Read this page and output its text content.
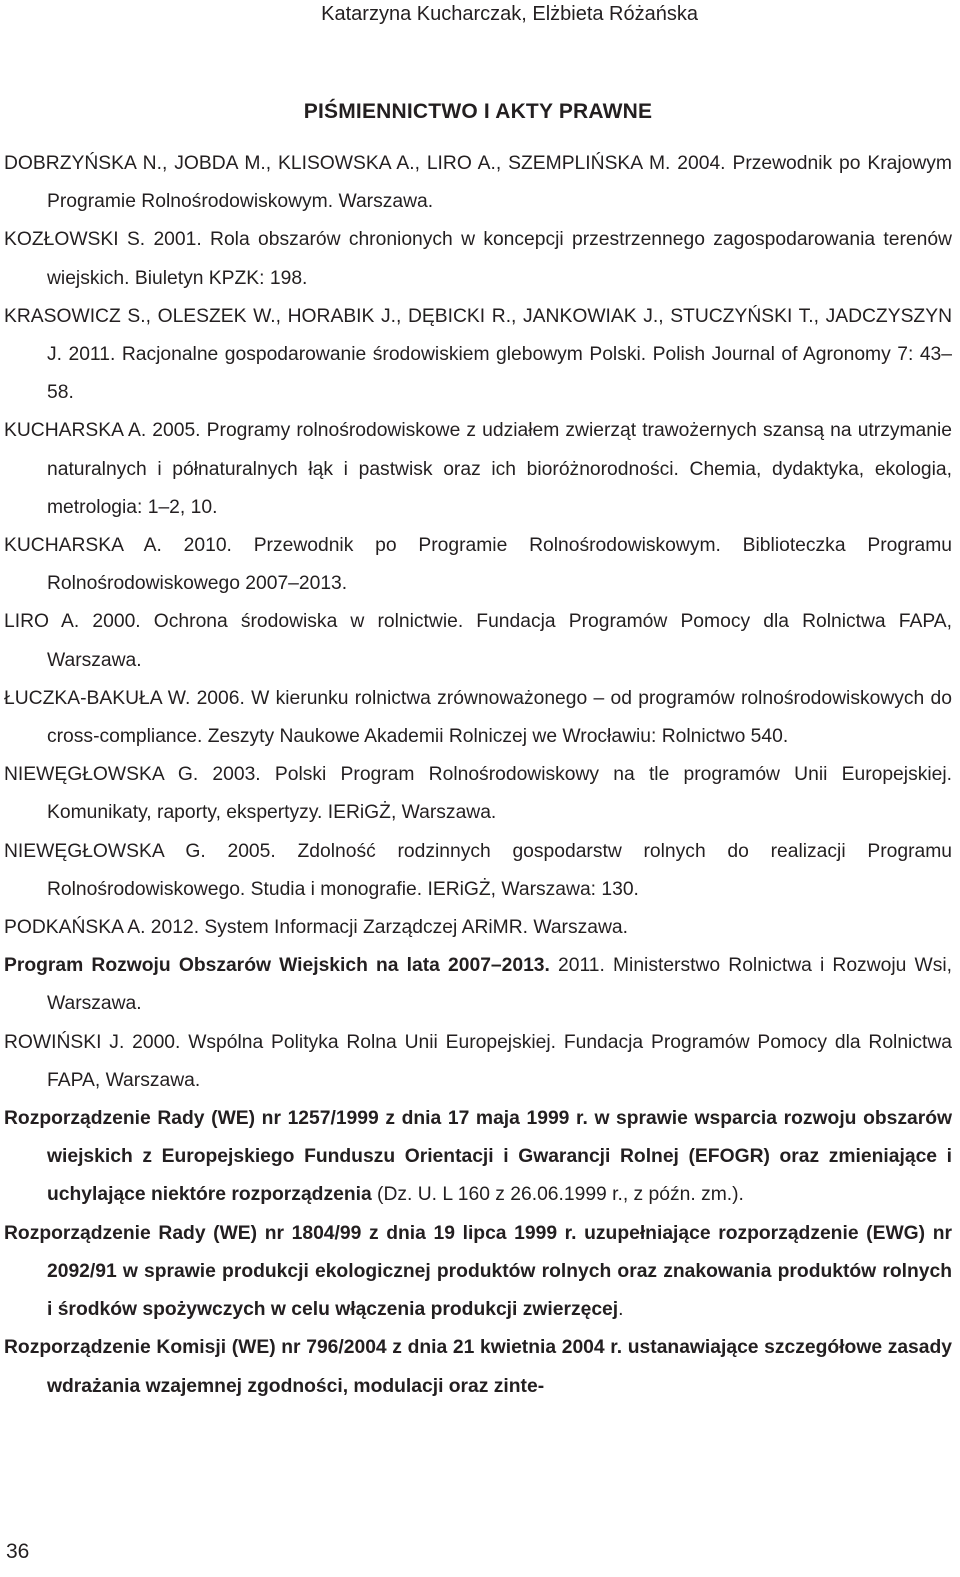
Katarzyna Kucharczak, Elżbieta Różańska
PIŚMIENNICTWO I AKTY PRAWNE
DOBRZYŃSKA N., JOBDA M., KLISOWSKA A., LIRO A., SZEMPLIŃSKA M. 2004. Przewodnik po Krajowym Programie Rolnośrodowiskowym. Warszawa.
KOZŁOWSKI S. 2001. Rola obszarów chronionych w koncepcji przestrzennego zagospodarowania terenów wiejskich. Biuletyn KPZK: 198.
KRASOWICZ S., OLESZEK W., HORABIK J., DĘBICKI R., JANKOWIAK J., STUCZYŃSKI T., JADCZYSZYN J. 2011. Racjonalne gospodarowanie środowiskiem glebowym Polski. Polish Journal of Agronomy 7: 43–58.
KUCHARSKA A. 2005. Programy rolnośrodowiskowe z udziałem zwierząt trawożernych szansą na utrzymanie naturalnych i półnaturalnych łąk i pastwisk oraz ich bioróżnorodności. Chemia, dydaktyka, ekologia, metrologia: 1–2, 10.
KUCHARSKA A. 2010. Przewodnik po Programie Rolnośrodowiskowym. Biblioteczka Programu Rolnośrodowiskowego 2007–2013.
LIRO A. 2000. Ochrona środowiska w rolnictwie. Fundacja Programów Pomocy dla Rolnictwa FAPA, Warszawa.
ŁUCZKA-BAKUŁA W. 2006. W kierunku rolnictwa zrównoważonego – od programów rolnośrodowiskowych do cross-compliance. Zeszyty Naukowe Akademii Rolniczej we Wrocławiu: Rolnictwo 540.
NIEWĘGŁOWSKA G. 2003. Polski Program Rolnośrodowiskowy na tle programów Unii Europejskiej. Komunikaty, raporty, ekspertyzy. IERiGŻ, Warszawa.
NIEWĘGŁOWSKA G. 2005. Zdolność rodzinnych gospodarstw rolnych do realizacji Programu Rolnośrodowiskowego. Studia i monografie. IERiGŻ, Warszawa: 130.
PODKAŃSKA A. 2012. System Informacji Zarządczej ARiMR. Warszawa.
Program Rozwoju Obszarów Wiejskich na lata 2007–2013. 2011. Ministerstwo Rolnictwa i Rozwoju Wsi, Warszawa.
ROWIŃSKI J. 2000. Wspólna Polityka Rolna Unii Europejskiej. Fundacja Programów Pomocy dla Rolnictwa FAPA, Warszawa.
Rozporządzenie Rady (WE) nr 1257/1999 z dnia 17 maja 1999 r. w sprawie wsparcia rozwoju obszarów wiejskich z Europejskiego Funduszu Orientacji i Gwarancji Rolnej (EFOGR) oraz zmieniające i uchylające niektóre rozporządzenia (Dz. U. L 160 z 26.06.1999 r., z późn. zm.).
Rozporządzenie Rady (WE) nr 1804/99 z dnia 19 lipca 1999 r. uzupełniające rozporządzenie (EWG) nr 2092/91 w sprawie produkcji ekologicznej produktów rolnych oraz znakowania produktów rolnych i środków spożywczych w celu włączenia produkcji zwierzęcej.
Rozporządzenie Komisji (WE) nr 796/2004 z dnia 21 kwietnia 2004 r. ustanawiające szczegółowe zasady wdrażania wzajemnej zgodności, modulacji oraz zinte-
36
